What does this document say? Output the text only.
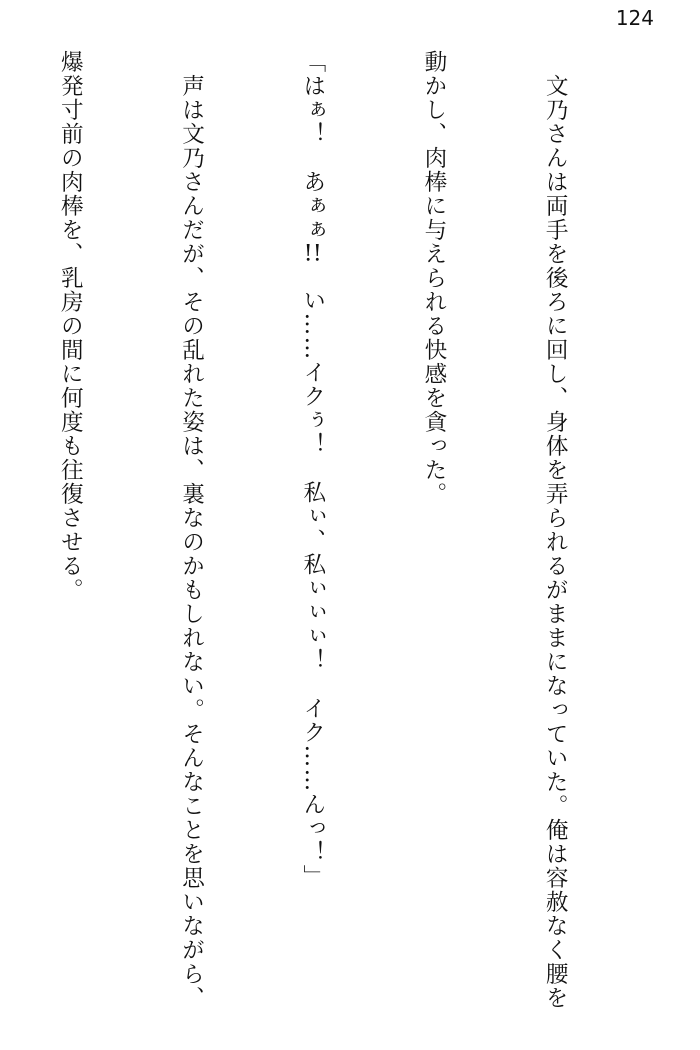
124

　文乃さんは両手を後ろに回し、身体を弄られるがままになっていた。俺は容赦なく腰を

動かし、肉棒に与えられる快感を貪った。

「はぁ！　あぁぁ!!　い……イクぅ！　私ぃ、私ぃぃぃ！　イク……んっ！」

　声は文乃さんだが、その乱れた姿は、裏なのかもしれない。そんなことを思いながら、

爆発寸前の肉棒を、乳房の間に何度も往復させる。
